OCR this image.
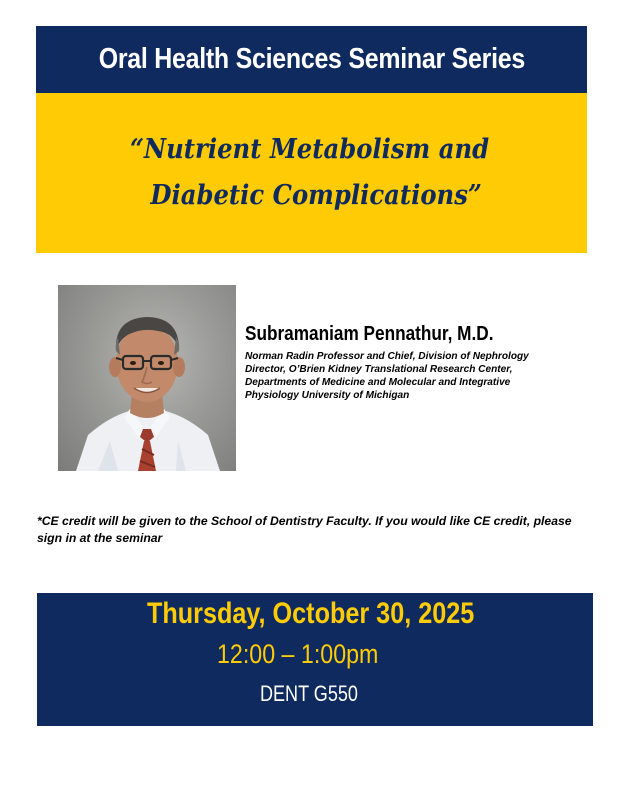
Oral Health Sciences Seminar Series
“Nutrient Metabolism and
Diabetic Complications”
Subramaniam Pennathur, M.D.
Norman Radin Professor and Chief, Division of Nephrology
Director, O’Brien Kidney Translational Research Center,
Departments of Medicine and Molecular and Integrative
Physiology University of Michigan
*CE credit will be given to the School of Dentistry Faculty. If you would like CE credit, please sign in at the seminar
Thursday, October 30, 2025
12:00 – 1:00pm
DENT G550
